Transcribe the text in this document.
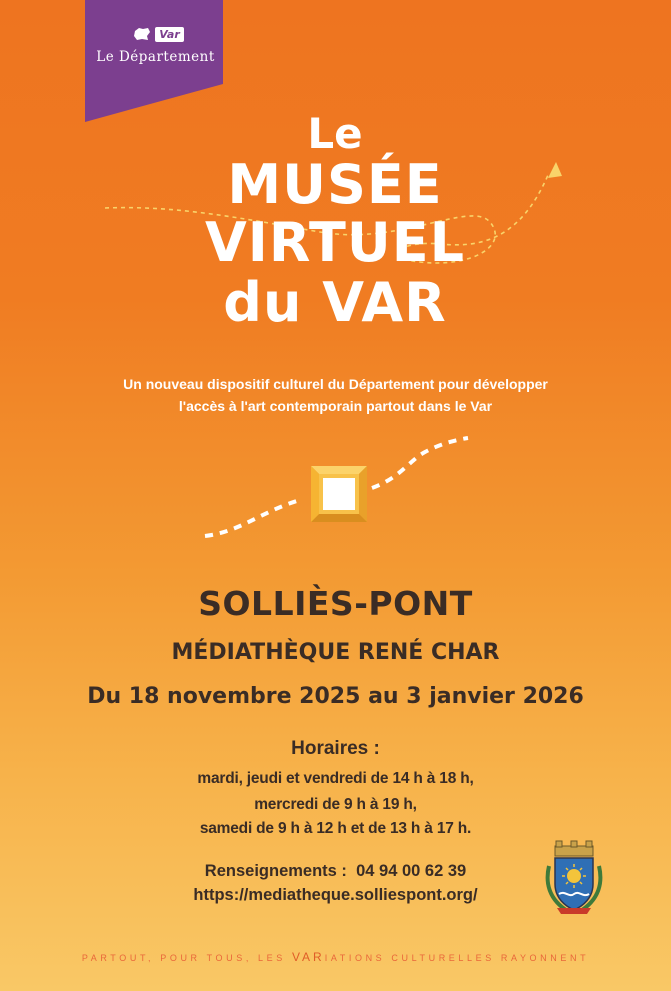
Var
Le Département
Le
MUSÉE
VIRTUEL
du VAR
Un nouveau dispositif culturel du Département pour développer
l'accès à l'art contemporain partout dans le Var
SOLLIÈS-PONT
MÉDIATHÈQUE RENÉ CHAR
Du 18 novembre 2025 au 3 janvier 2026
Horaires :
mardi, jeudi et vendredi de 14 h à 18 h,
mercredi de 9 h à 19 h,
samedi de 9 h à 12 h et de 13 h à 17 h.
Renseignements : 04 94 00 62 39
https://mediatheque.solliespont.org/
PARTOUT, POUR TOUS, LES VARIATIONS CULTURELLES RAYONNENT
